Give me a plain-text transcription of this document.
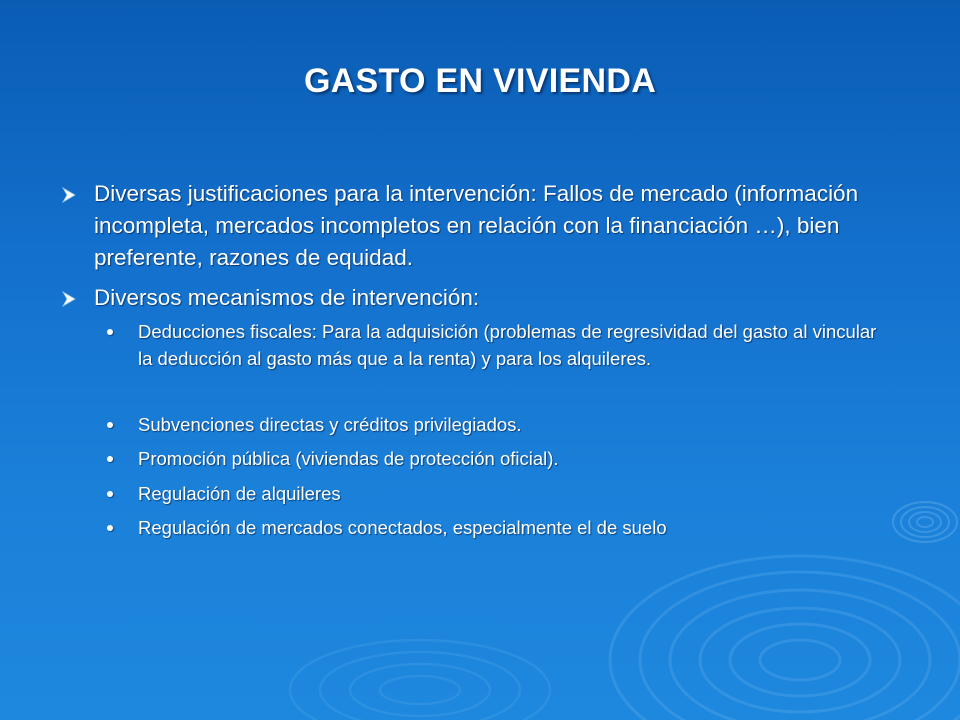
GASTO EN VIVIENDA
Diversas justificaciones para la intervención: Fallos de mercado (información incompleta, mercados incompletos en relación con la financiación …), bien preferente, razones de equidad.
Diversos mecanismos de intervención:
Deducciones fiscales: Para la adquisición (problemas de regresividad del gasto al vincular la deducción al gasto más que a la renta) y para los alquileres.
Subvenciones directas y créditos privilegiados.
Promoción pública (viviendas de protección oficial).
Regulación de alquileres
Regulación de mercados conectados, especialmente el de suelo
